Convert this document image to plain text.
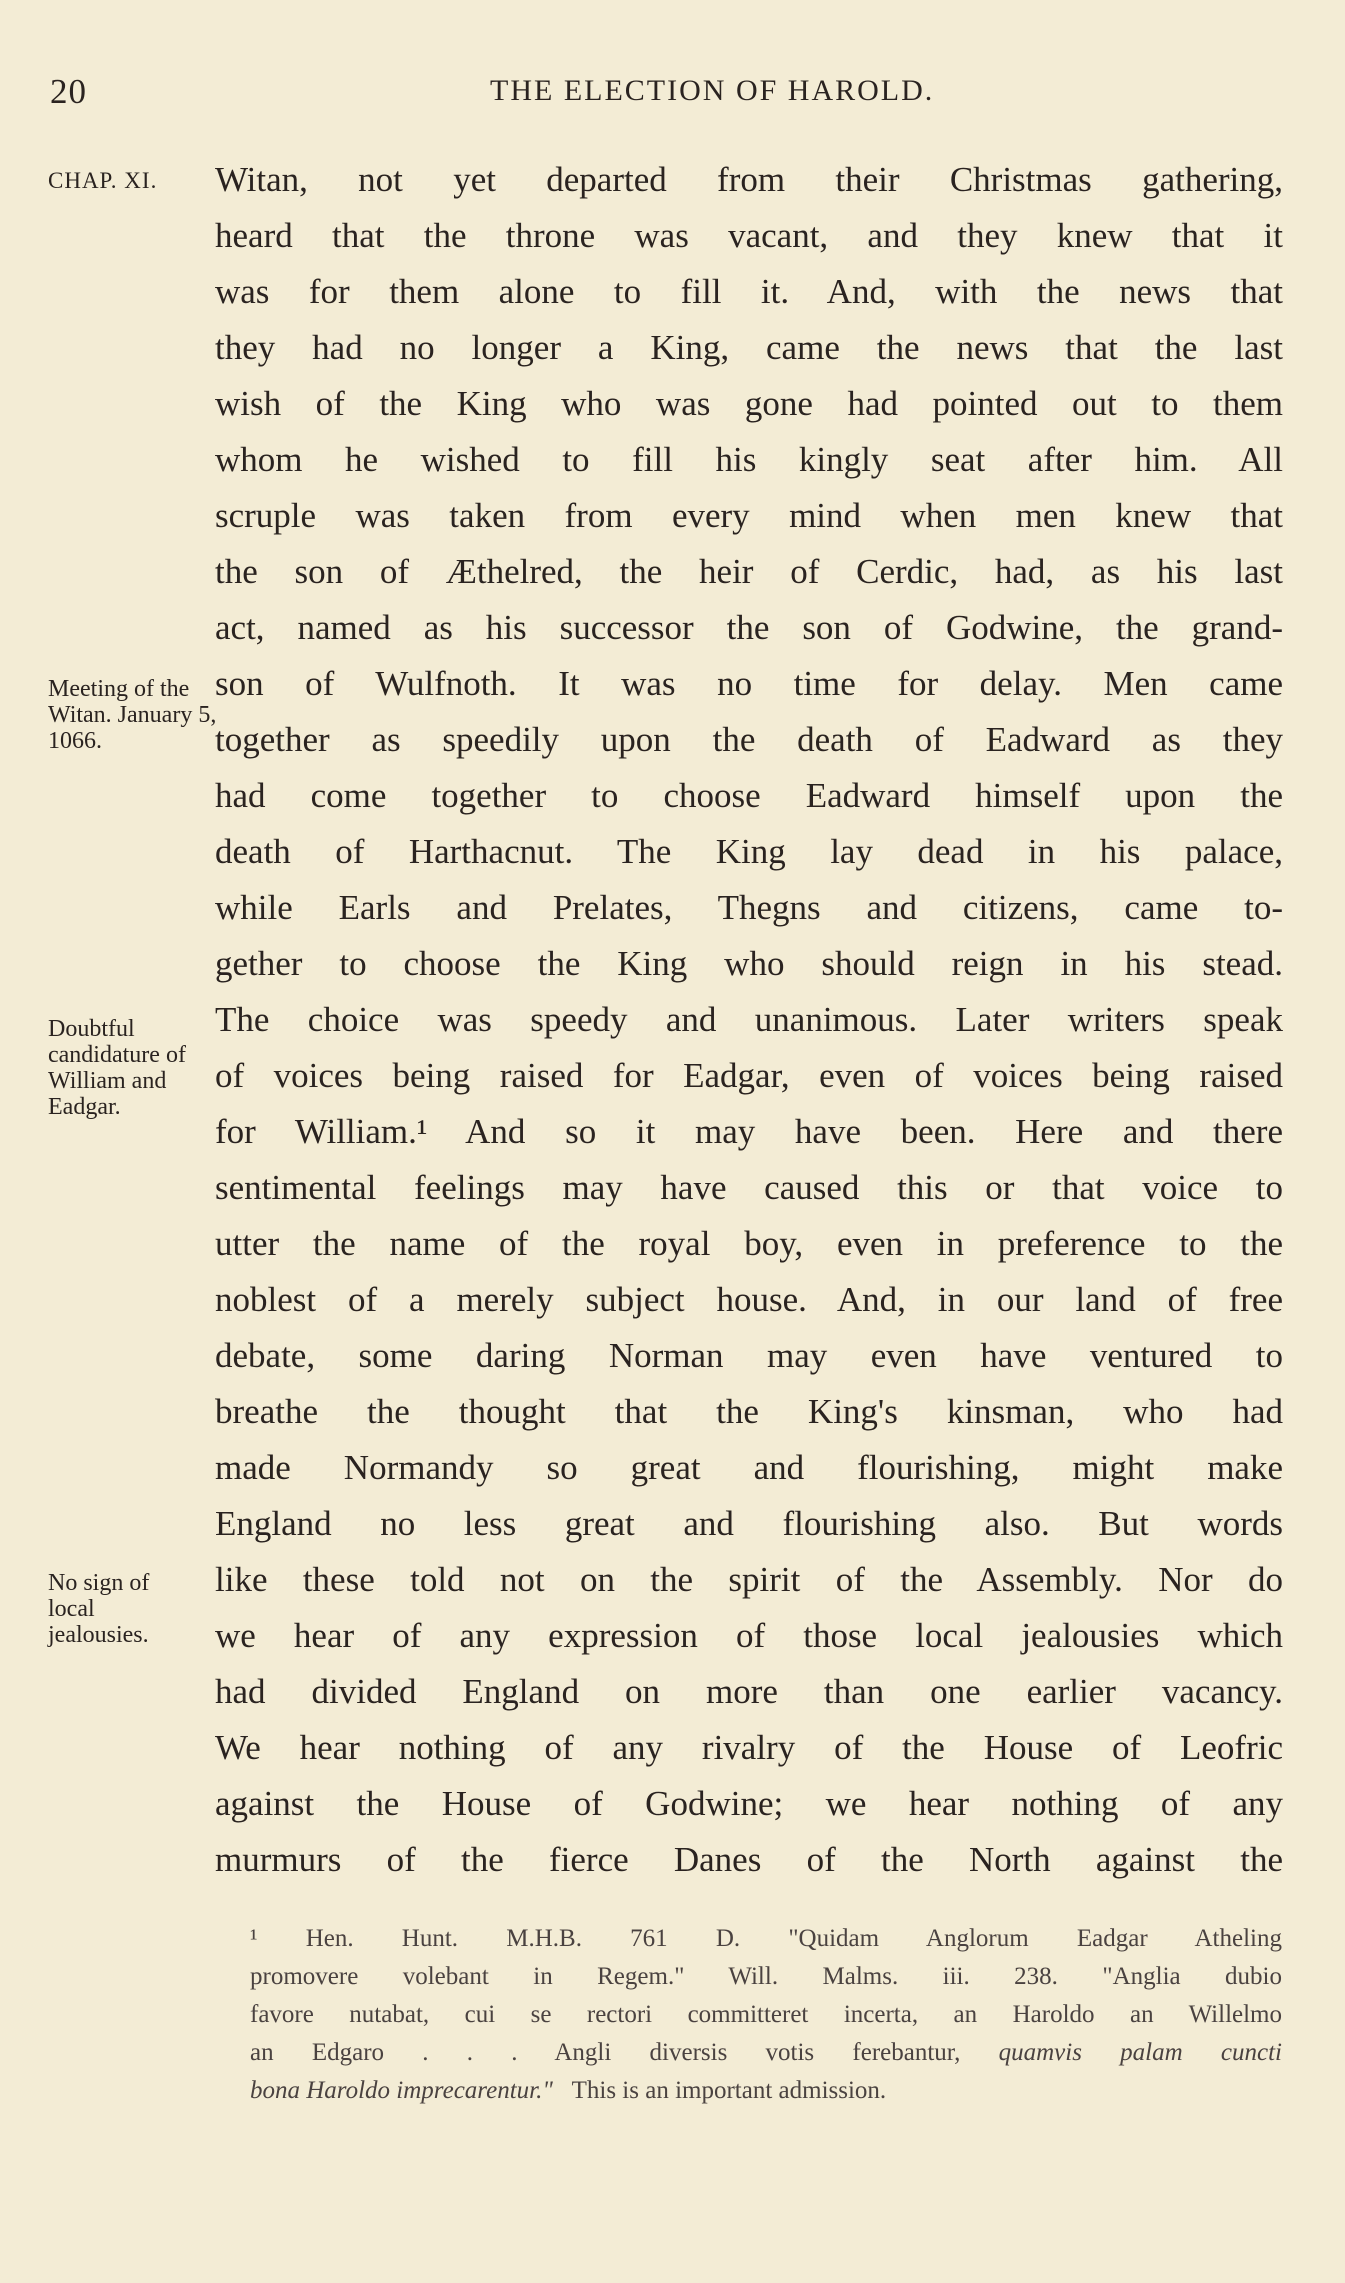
20	THE ELECTION OF HAROLD.
CHAP. XI.
Meeting of the Witan. January 5, 1066.
Doubtful candidature of William and Eadgar.
No sign of local jealousies.
Witan, not yet departed from their Christmas gathering,
heard that the throne was vacant, and they knew that it
was for them alone to fill it. And, with the news that
they had no longer a King, came the news that the last
wish of the King who was gone had pointed out to them
whom he wished to fill his kingly seat after him. All
scruple was taken from every mind when men knew that
the son of Æthelred, the heir of Cerdic, had, as his last
act, named as his successor the son of Godwine, the grand-
son of Wulfnoth. It was no time for delay. Men came
together as speedily upon the death of Eadward as they
had come together to choose Eadward himself upon the
death of Harthacnut. The King lay dead in his palace,
while Earls and Prelates, Thegns and citizens, came to-
gether to choose the King who should reign in his stead.
The choice was speedy and unanimous. Later writers speak
of voices being raised for Eadgar, even of voices being raised
for William.¹ And so it may have been. Here and there
sentimental feelings may have caused this or that voice to
utter the name of the royal boy, even in preference to the
noblest of a merely subject house. And, in our land of free
debate, some daring Norman may even have ventured to
breathe the thought that the King's kinsman, who had
made Normandy so great and flourishing, might make
England no less great and flourishing also. But words
like these told not on the spirit of the Assembly. Nor do
we hear of any expression of those local jealousies which
had divided England on more than one earlier vacancy.
We hear nothing of any rivalry of the House of Leofric
against the House of Godwine; we hear nothing of any
murmurs of the fierce Danes of the North against the
¹ Hen. Hunt. M.H.B. 761 D. "Quidam Anglorum Eadgar Atheling
promovere volebant in Regem." Will. Malms. iii. 238. "Anglia dubio
favore nutabat, cui se rectori committeret incerta, an Haroldo an Willelmo
an Edgaro . . . Angli diversis votis ferebantur, quamvis palam cuncti
bona Haroldo imprecarentur." This is an important admission.
